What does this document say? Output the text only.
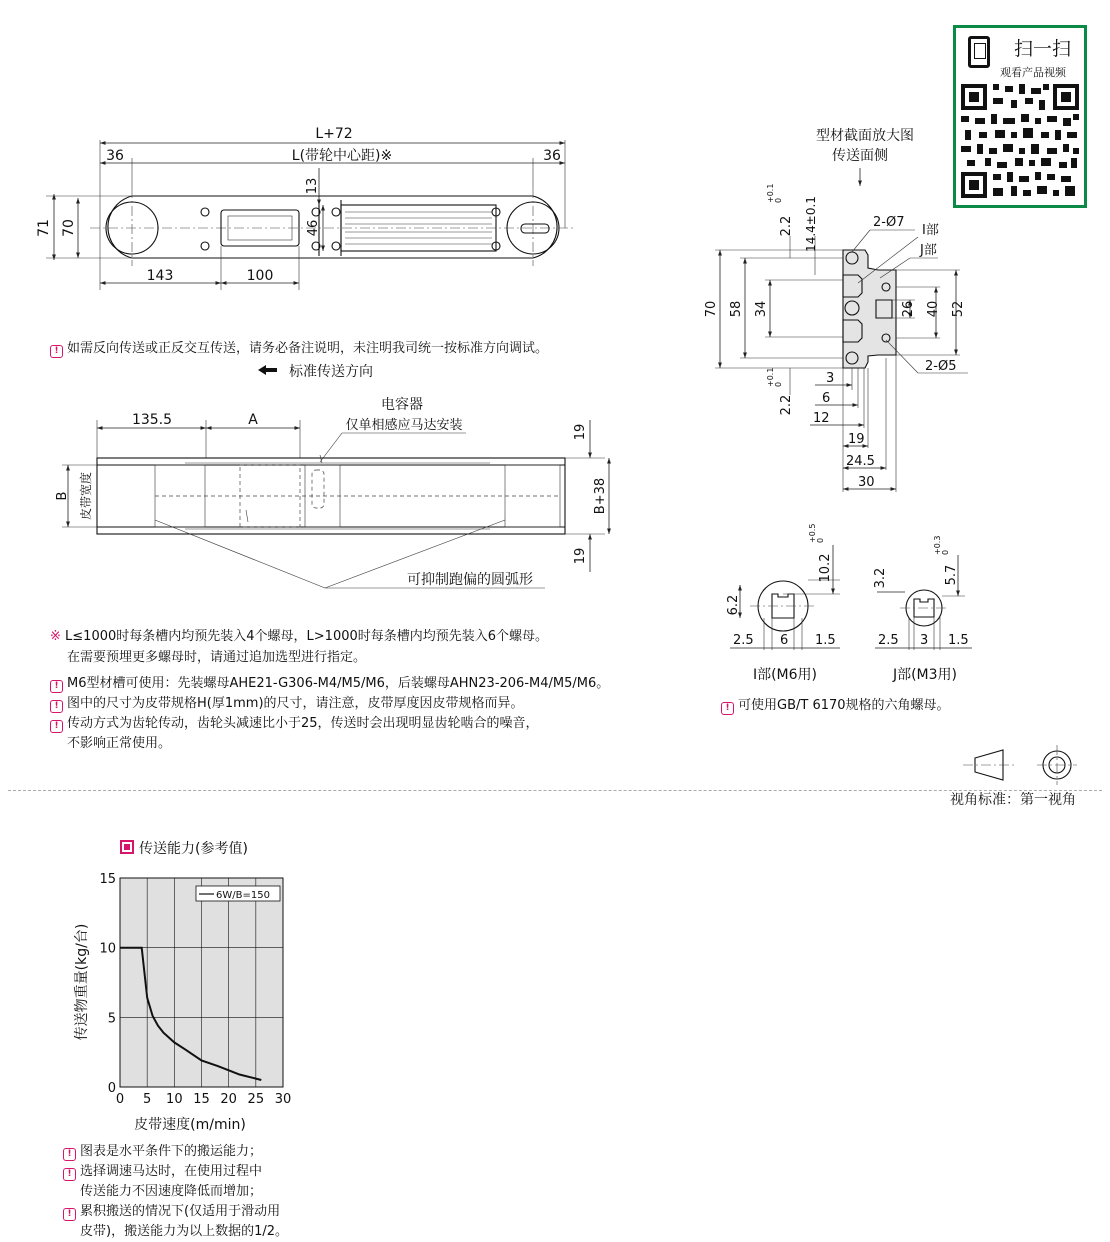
L+72
L(带轮中心距)※
36	36
13
46
71 70
143	100
标准传送方向
135.5	A
电容器
仅单相感应马达安装	19
19
B+38
B 皮带宽度
可抑制跑偏的圆弧形
型材截面放大图
传送面侧
70 58 34	26 40 52
2.2
+0.1 0 14.4±0.1	2-Ø7
I部
J部
2-Ø5
2.2
+0.1 0	3
6
12
19
24.5
30
10.2
+0.5 0
6.2
2.5 6 1.5
I部(M6用)
3.2	5.7
+0.3 0
2.5 3 1.5
J部(M3用)
0 5 10 15 20 25 30
0
5
10
15
6W/B=150
皮带速度(m/min)
传送物重量(kg/台)
扫一扫
观看产品视频
! 如需反向传送或正反交互传送，请务必备注说明，未注明我司统一按标准方向调试。
※ L≤1000时每条槽内均预先装入4个螺母，L>1000时每条槽内均预先装入6个螺母。
在需要预埋更多螺母时，请通过追加选型进行指定。
! M6型材槽可使用：先装螺母AHE21-G306-M4/M5/M6，后装螺母AHN23-206-M4/M5/M6。
! 图中的尺寸为皮带规格H(厚1mm)的尺寸，请注意，皮带厚度因皮带规格而异。
! 传动方式为齿轮传动，齿轮头减速比小于25，传送时会出现明显齿轮啮合的噪音，
不影响正常使用。
! 可使用GB/T 6170规格的六角螺母。
视角标准：第一视角
传送能力(参考值)
! 图表是水平条件下的搬运能力；
! 选择调速马达时，在使用过程中
传送能力不因速度降低而增加；
! 累积搬送的情况下(仅适用于滑动用
皮带)，搬送能力为以上数据的1/2。
